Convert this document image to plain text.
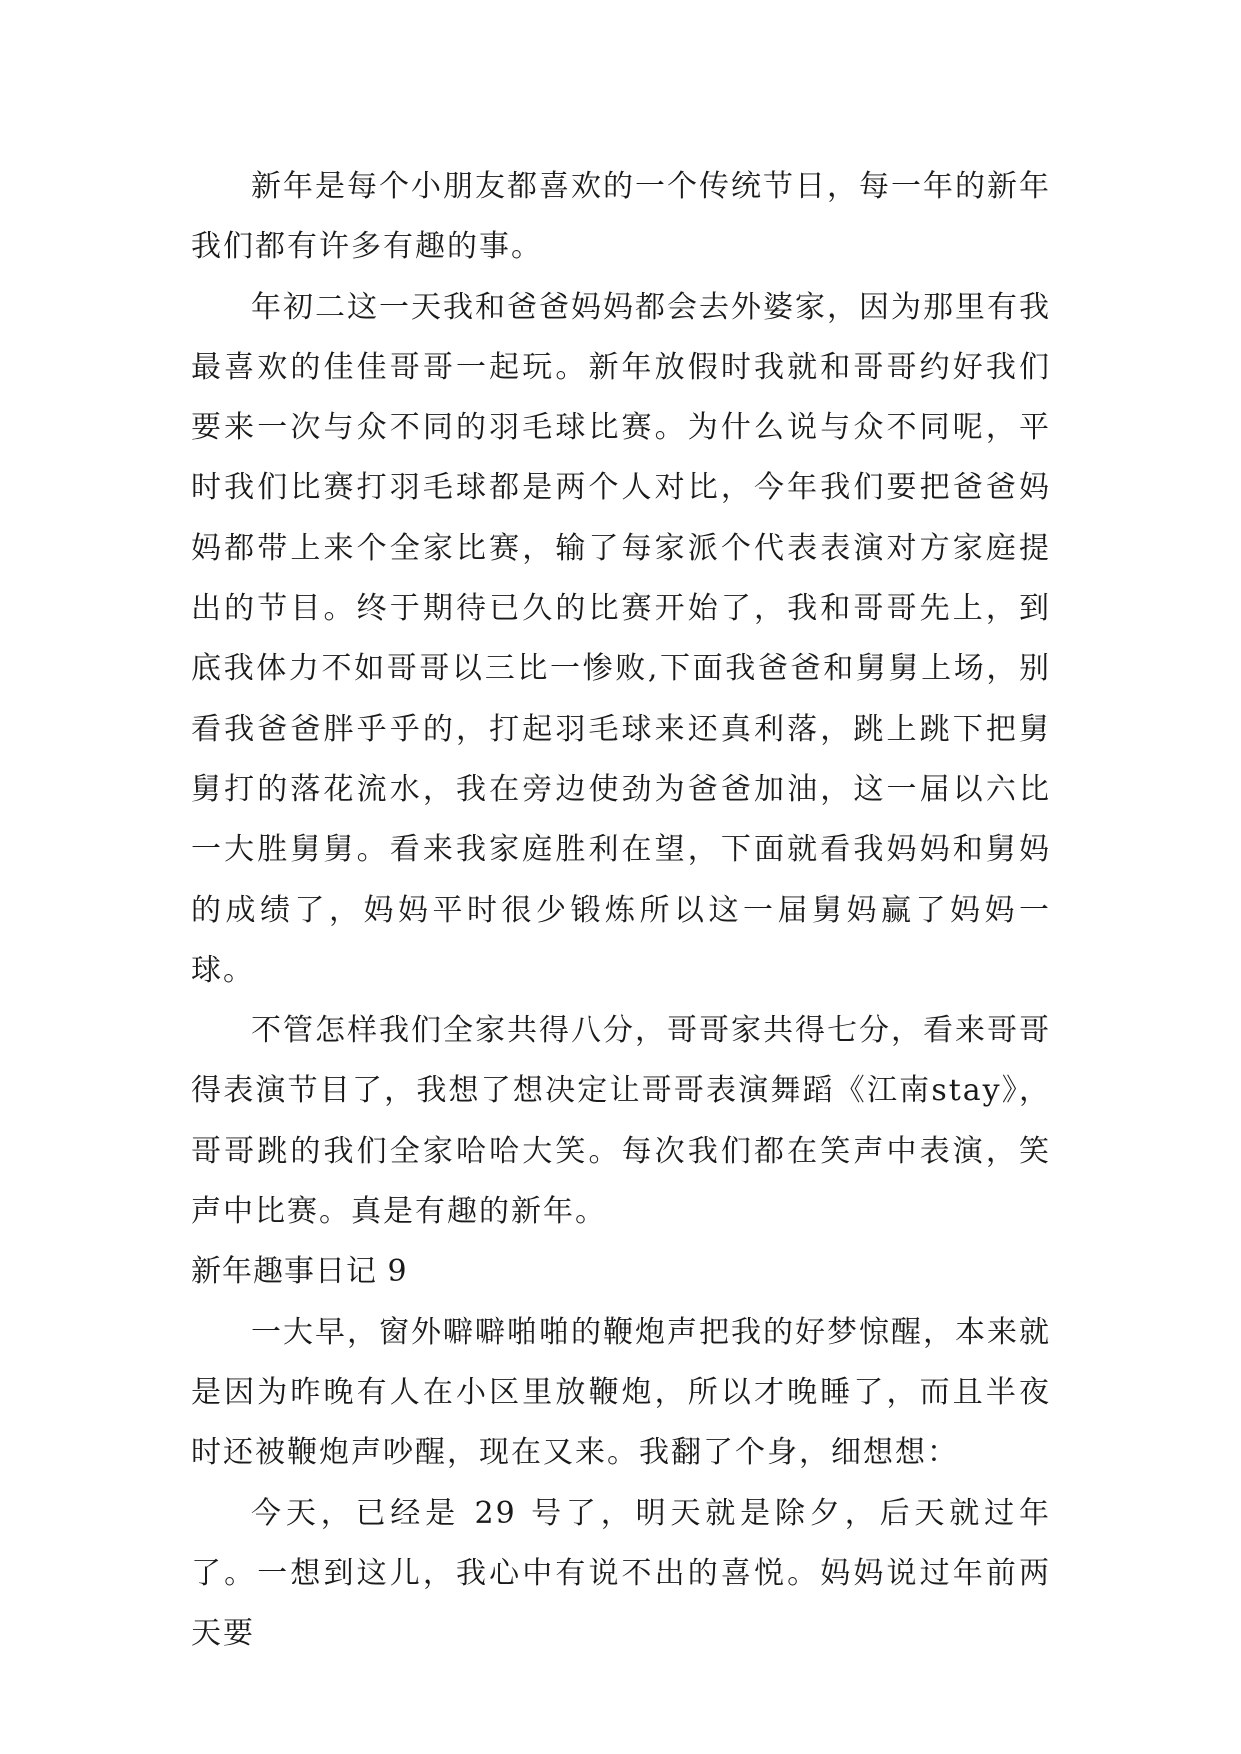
新年是每个小朋友都喜欢的一个传统节日，每一年的新年我们都有许多有趣的事。

年初二这一天我和爸爸妈妈都会去外婆家，因为那里有我最喜欢的佳佳哥哥一起玩。新年放假时我就和哥哥约好我们要来一次与众不同的羽毛球比赛。为什么说与众不同呢，平时我们比赛打羽毛球都是两个人对比，今年我们要把爸爸妈妈都带上来个全家比赛，输了每家派个代表表演对方家庭提出的节目。终于期待已久的比赛开始了，我和哥哥先上，到底我体力不如哥哥以三比一惨败,下面我爸爸和舅舅上场，别看我爸爸胖乎乎的，打起羽毛球来还真利落，跳上跳下把舅舅打的落花流水，我在旁边使劲为爸爸加油，这一届以六比一大胜舅舅。看来我家庭胜利在望，下面就看我妈妈和舅妈的成绩了，妈妈平时很少锻炼所以这一届舅妈赢了妈妈一球。

不管怎样我们全家共得八分，哥哥家共得七分，看来哥哥得表演节目了，我想了想决定让哥哥表演舞蹈《江南stay》，哥哥跳的我们全家哈哈大笑。每次我们都在笑声中表演，笑声中比赛。真是有趣的新年。

新年趣事日记 9

一大早，窗外噼噼啪啪的鞭炮声把我的好梦惊醒，本来就是因为昨晚有人在小区里放鞭炮，所以才晚睡了，而且半夜时还被鞭炮声吵醒，现在又来。我翻了个身，细想想：

今天，已经是 29 号了，明天就是除夕，后天就过年了。一想到这儿，我心中有说不出的喜悦。妈妈说过年前两天要
